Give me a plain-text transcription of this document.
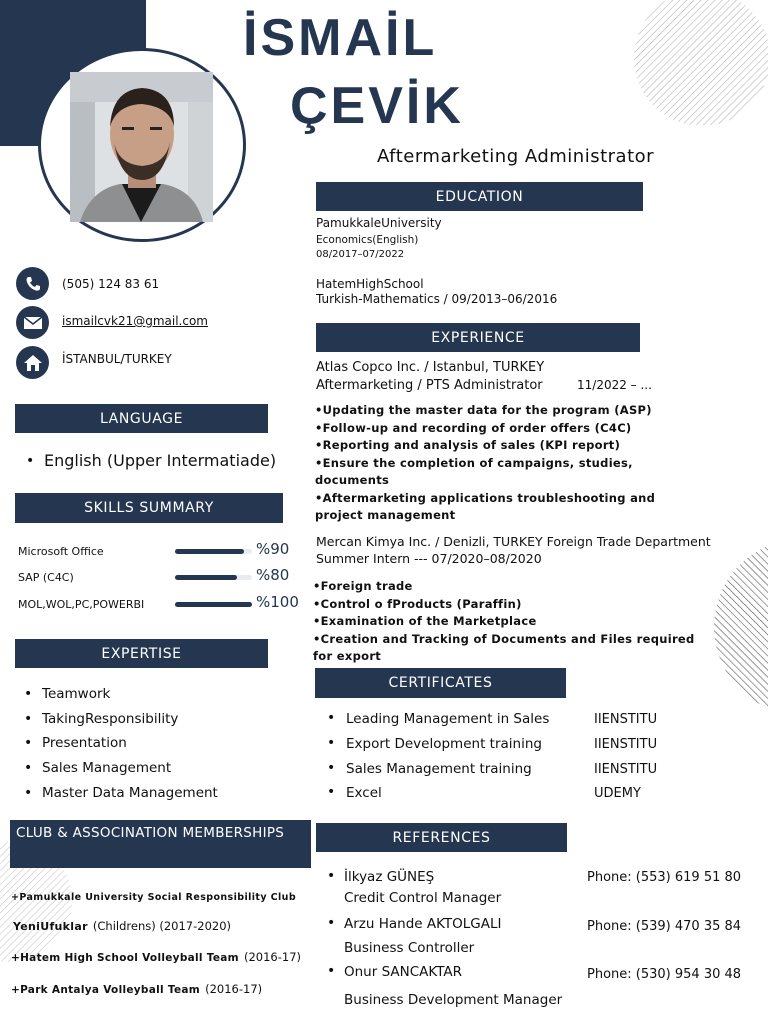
İSMAİL
ÇEVİK
Aftermarketing Administrator
(505) 124 83 61
ismailcvk21@gmail.com
İSTANBUL/TURKEY
LANGUAGE
• English (Upper Intermatiade)
SKILLS SUMMARY
Microsoft Office	%90
SAP (C4C)	%80
MOL,WOL,PC,POWERBI	%100
EXPERTISE
• Teamwork
• TakingResponsibility
• Presentation
• Sales Management
• Master Data Management
CLUB & ASSOCINATION MEMBERSHIPS
+Pamukkale University Social Responsibility Club
YeniUfuklar (Childrens) (2017-2020)
+Hatem High School Volleyball Team (2016-17)
+Park Antalya Volleyball Team (2016-17)
EDUCATION
PamukkaleUniversity
Economics(English)
08/2017–07/2022
HatemHighSchool
Turkish-Mathematics / 09/2013–06/2016
EXPERIENCE
Atlas Copco Inc. / Istanbul, TURKEY
Aftermarketing / PTS Administrator	11/2022 – ...
•Updating the master data for the program (ASP)
•Follow-up and recording of order offers (C4C)
•Reporting and analysis of sales (KPI report)
•Ensure the completion of campaigns, studies,
documents
•Aftermarketing applications troubleshooting and
project management
Mercan Kimya Inc. / Denizli, TURKEY Foreign Trade Department
Summer Intern --- 07/2020–08/2020
•Foreign trade
•Control o fProducts (Paraffin)
•Examination of the Marketplace
•Creation and Tracking of Documents and Files required
for export
CERTIFICATES
• Leading Management in Sales	IIENSTITU
• Export Development training	IIENSTITU
• Sales Management training	IIENSTITU
• Excel	UDEMY
REFERENCES
• İlkyaz GÜNEŞ	Phone: (553) 619 51 80
Credit Control Manager
• Arzu Hande AKTOLGALI	Phone: (539) 470 35 84
Business Controller
• Onur SANCAKTAR	Phone: (530) 954 30 48
Business Development Manager
